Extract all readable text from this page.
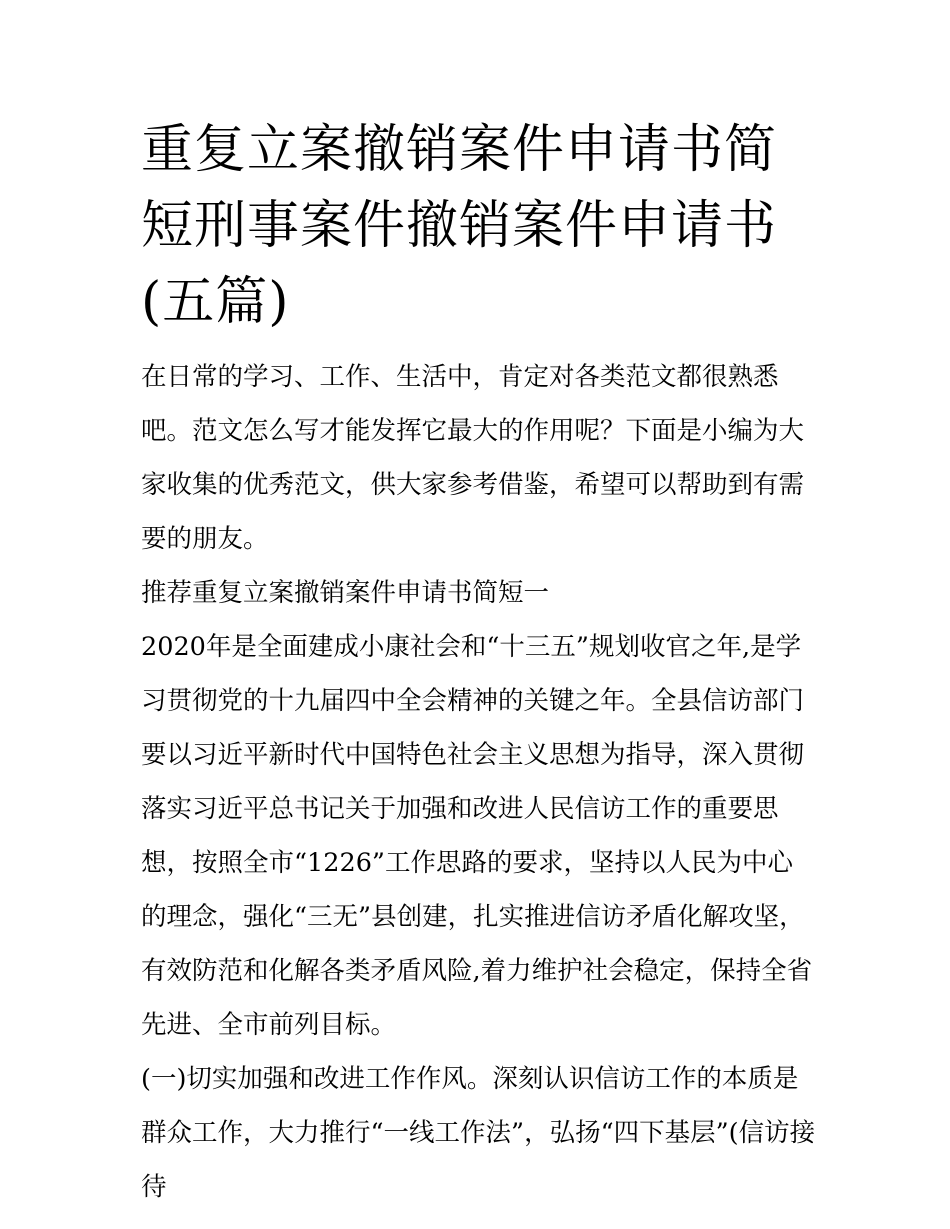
重复立案撤销案件申请书简短刑事案件撤销案件申请书(五篇)

在日常的学习、工作、生活中，肯定对各类范文都很熟悉吧。范文怎么写才能发挥它最大的作用呢？下面是小编为大家收集的优秀范文，供大家参考借鉴，希望可以帮助到有需要的朋友。

推荐重复立案撤销案件申请书简短一

2020年是全面建成小康社会和“十三五”规划收官之年,是学习贯彻党的十九届四中全会精神的关键之年。全县信访部门要以习近平新时代中国特色社会主义思想为指导，深入贯彻落实习近平总书记关于加强和改进人民信访工作的重要思想，按照全市“1226”工作思路的要求，坚持以人民为中心的理念，强化“三无”县创建，扎实推进信访矛盾化解攻坚，有效防范和化解各类矛盾风险,着力维护社会稳定，保持全省先进、全市前列目标。

(一)切实加强和改进工作作风。深刻认识信访工作的本质是群众工作，大力推行“一线工作法”，弘扬“四下基层”(信访接待
